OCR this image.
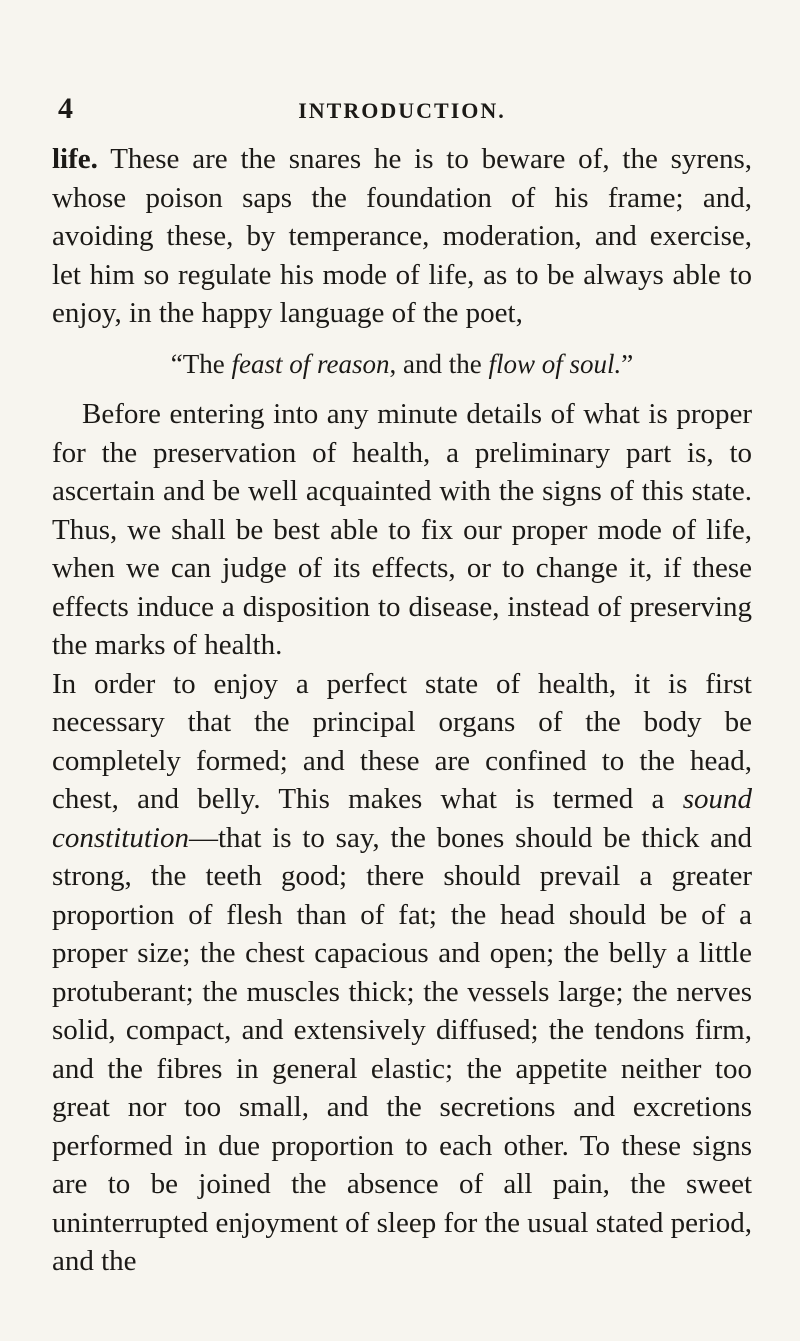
4	INTRODUCTION.

life. These are the snares he is to beware of, the syrens, whose poison saps the foundation of his frame; and, avoiding these, by temperance, moderation, and exercise, let him so regulate his mode of life, as to be always able to enjoy, in the happy language of the poet,

“The feast of reason, and the flow of soul.”

Before entering into any minute details of what is proper for the preservation of health, a preliminary part is, to ascertain and be well acquainted with the signs of this state. Thus, we shall be best able to fix our proper mode of life, when we can judge of its effects, or to change it, if these effects induce a disposition to disease, instead of preserving the marks of health.

In order to enjoy a perfect state of health, it is first necessary that the principal organs of the body be completely formed; and these are confined to the head, chest, and belly. This makes what is termed a sound constitution—that is to say, the bones should be thick and strong, the teeth good; there should prevail a greater proportion of flesh than of fat; the head should be of a proper size; the chest capacious and open; the belly a little protuberant; the muscles thick; the vessels large; the nerves solid, compact, and extensively diffused; the tendons firm, and the fibres in general elastic; the appetite neither too great nor too small, and the secretions and excretions performed in due proportion to each other. To these signs are to be joined the absence of all pain, the sweet uninterrupted enjoyment of sleep for the usual stated period, and the
